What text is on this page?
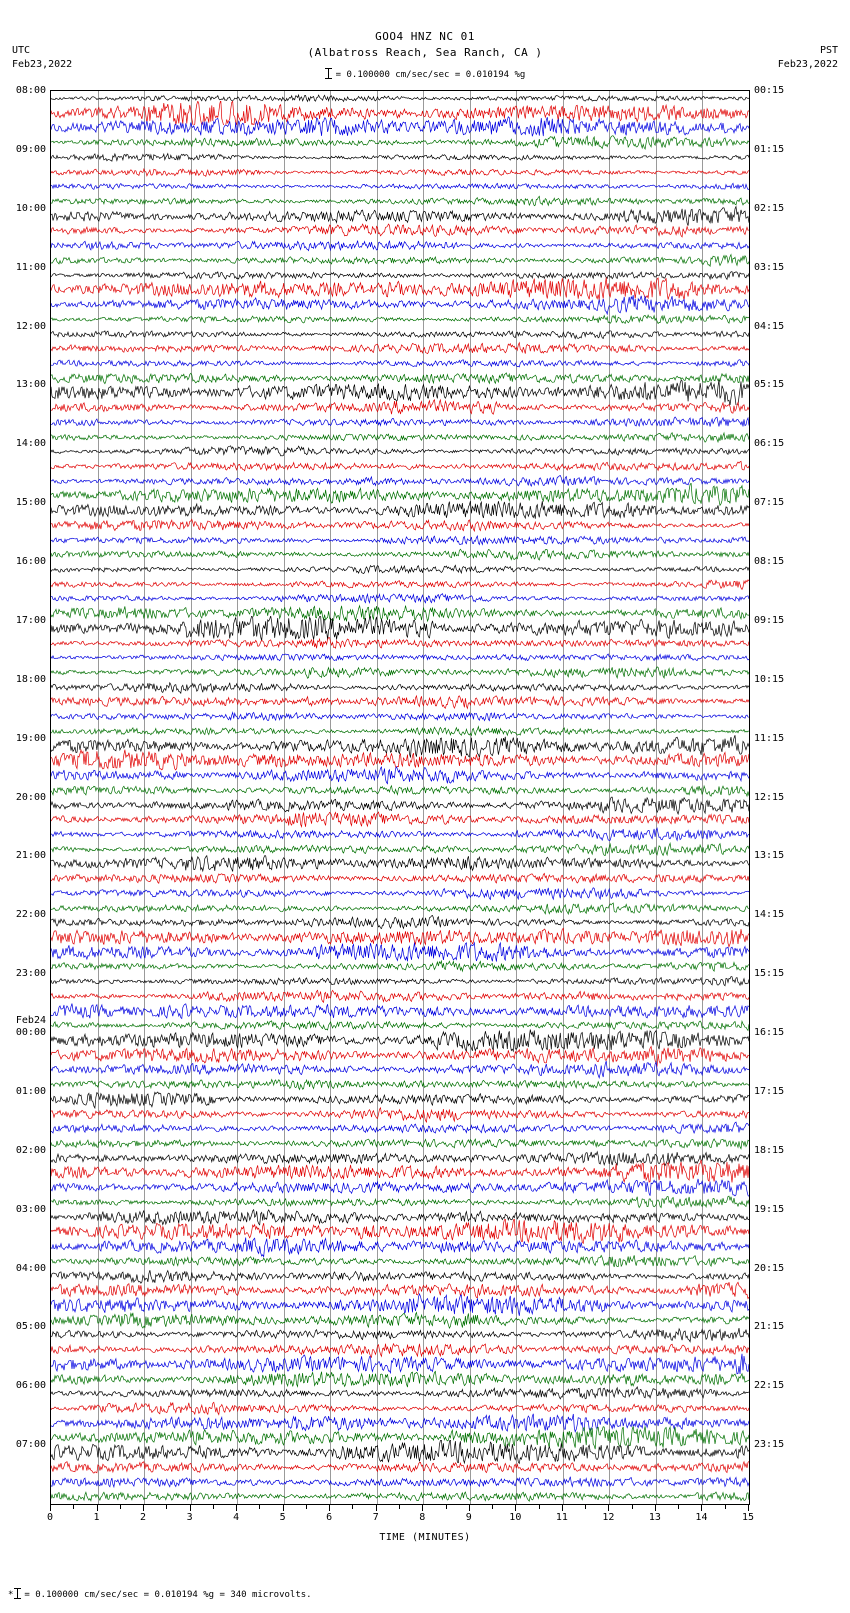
UTC
Feb23,2022
PST
Feb23,2022
GOO4 HNZ NC 01
(Albatross Reach, Sea Ranch, CA )
= 0.100000 cm/sec/sec = 0.010194 %g
0	1	2	3	4	5	6	7	8	9	10	11	12	13	14	15
TIME (MINUTES)
08:00	00:15
09:00	01:15
10:00	02:15
11:00	03:15
12:00	04:15
13:00	05:15
14:00	06:15
15:00	07:15
16:00	08:15
17:00	09:15
18:00	10:15
19:00	11:15
20:00	12:15
21:00	13:15
22:00	14:15
23:00	15:15
00:00	16:15
Feb24
01:00	17:15
02:00	18:15
03:00	19:15
04:00	20:15
05:00	21:15
06:00	22:15
07:00	23:15
* = 0.100000 cm/sec/sec = 0.010194 %g = 340 microvolts.
